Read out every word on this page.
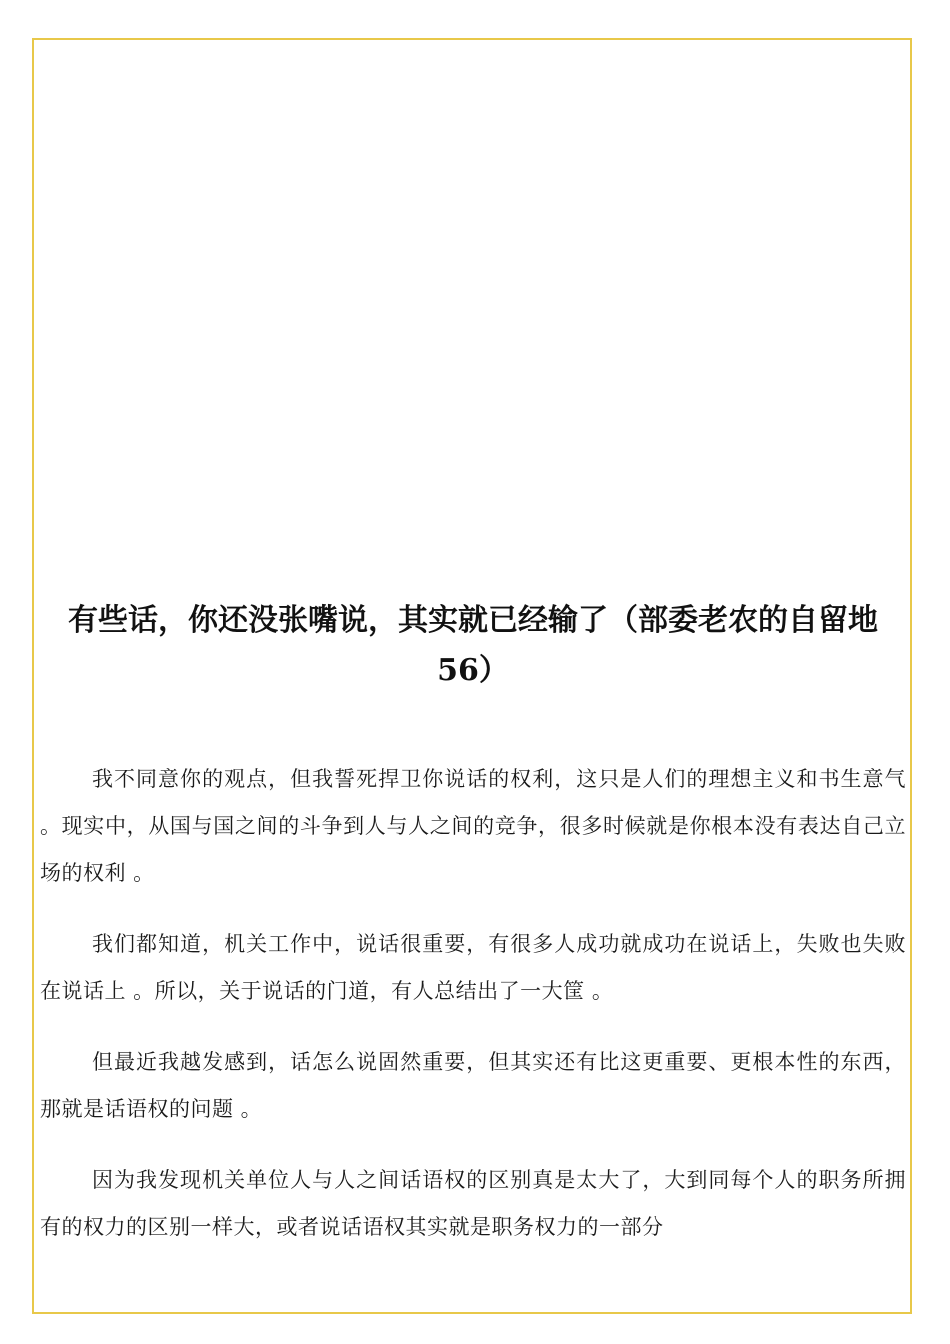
有些话，你还没张嘴说，其实就已经输了（部委老农的自留地 56）

我不同意你的观点，但我誓死捍卫你说话的权利，这只是人们的理想主义和书生意气 。现实中，从国与国之间的斗争到人与人之间的竞争，很多时候就是你根本没有表达自己立场的权利 。

我们都知道，机关工作中，说话很重要，有很多人成功就成功在说话上，失败也失败在说话上 。所以，关于说话的门道，有人总结出了一大筐 。

但最近我越发感到，话怎么说固然重要，但其实还有比这更重要、更根本性的东西，那就是话语权的问题 。

因为我发现机关单位人与人之间话语权的区别真是太大了，大到同每个人的职务所拥有的权力的区别一样大，或者说话语权其实就是职务权力的一部分
